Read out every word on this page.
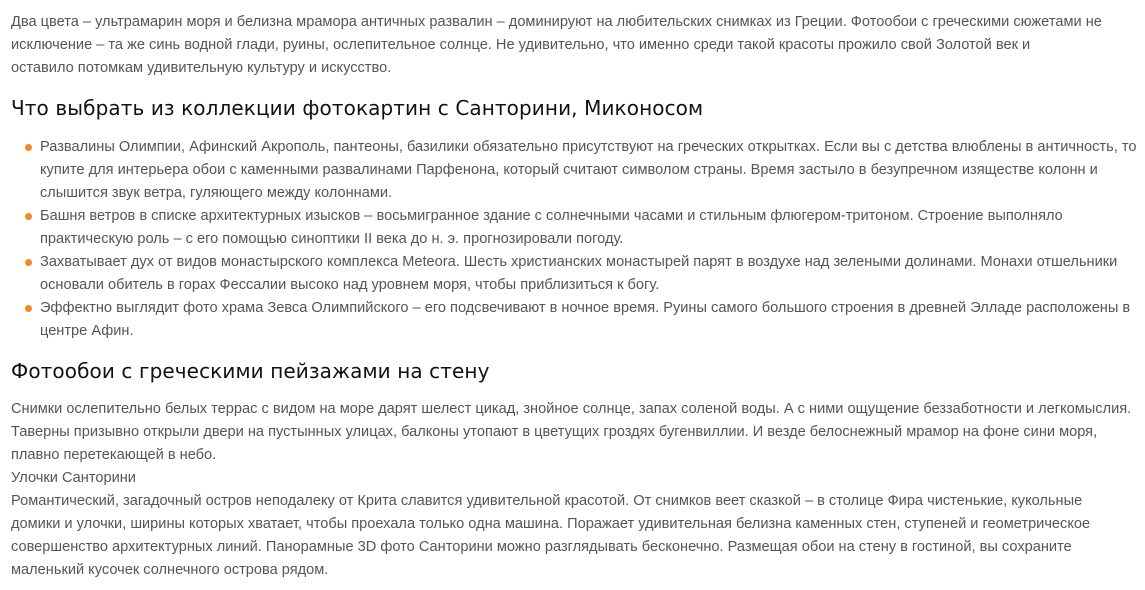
Два цвета – ультрамарин моря и белизна мрамора античных развалин – доминируют на любительских снимках из Греции. Фотообои с греческими сюжетами не
исключение – та же синь водной глади, руины, ослепительное солнце. Не удивительно, что именно среди такой красоты прожило свой Золотой век и
оставило потомкам удивительную культуру и искусство.

Что выбрать из коллекции фотокартин с Санторини, Миконосом
Развалины Олимпии, Афинский Акрополь, пантеоны, базилики обязательно присутствуют на греческих открытках. Если вы с детства влюблены в античность, то
купите для интерьера обои с каменными развалинами Парфенона, который считают символом страны. Время застыло в безупречном изяществе колонн и
слышится звук ветра, гуляющего между колоннами.
Башня ветров в списке архитектурных изысков – восьмигранное здание с солнечными часами и стильным флюгером-тритоном. Строение выполняло
практическую роль – с его помощью синоптики II века до н. э. прогнозировали погоду.
Захватывает дух от видов монастырского комплекса Meteora. Шесть христианских монастырей парят в воздухе над зелеными долинами. Монахи отшельники
основали обитель в горах Фессалии высоко над уровнем моря, чтобы приблизиться к богу.
Эффектно выглядит фото храма Зевса Олимпийского – его подсвечивают в ночное время. Руины самого большого строения в древней Элладе расположены в
центре Афин.
Фотообои с греческими пейзажами на стену

Снимки ослепительно белых террас с видом на море дарят шелест цикад, знойное солнце, запах соленой воды. А с ними ощущение беззаботности и легкомыслия.
Таверны призывно открыли двери на пустынных улицах, балконы утопают в цветущих гроздях бугенвиллии. И везде белоснежный мрамор на фоне сини моря,
плавно перетекающей в небо.
Улочки Санторини
Романтический, загадочный остров неподалеку от Крита славится удивительной красотой. От снимков веет сказкой – в столице Фира чистенькие, кукольные
домики и улочки, ширины которых хватает, чтобы проехала только одна машина. Поражает удивительная белизна каменных стен, ступеней и геометрическое
совершенство архитектурных линий. Панорамные 3D фото Санторини можно разглядывать бесконечно. Размещая обои на стену в гостиной, вы сохраните
маленький кусочек солнечного острова рядом.
